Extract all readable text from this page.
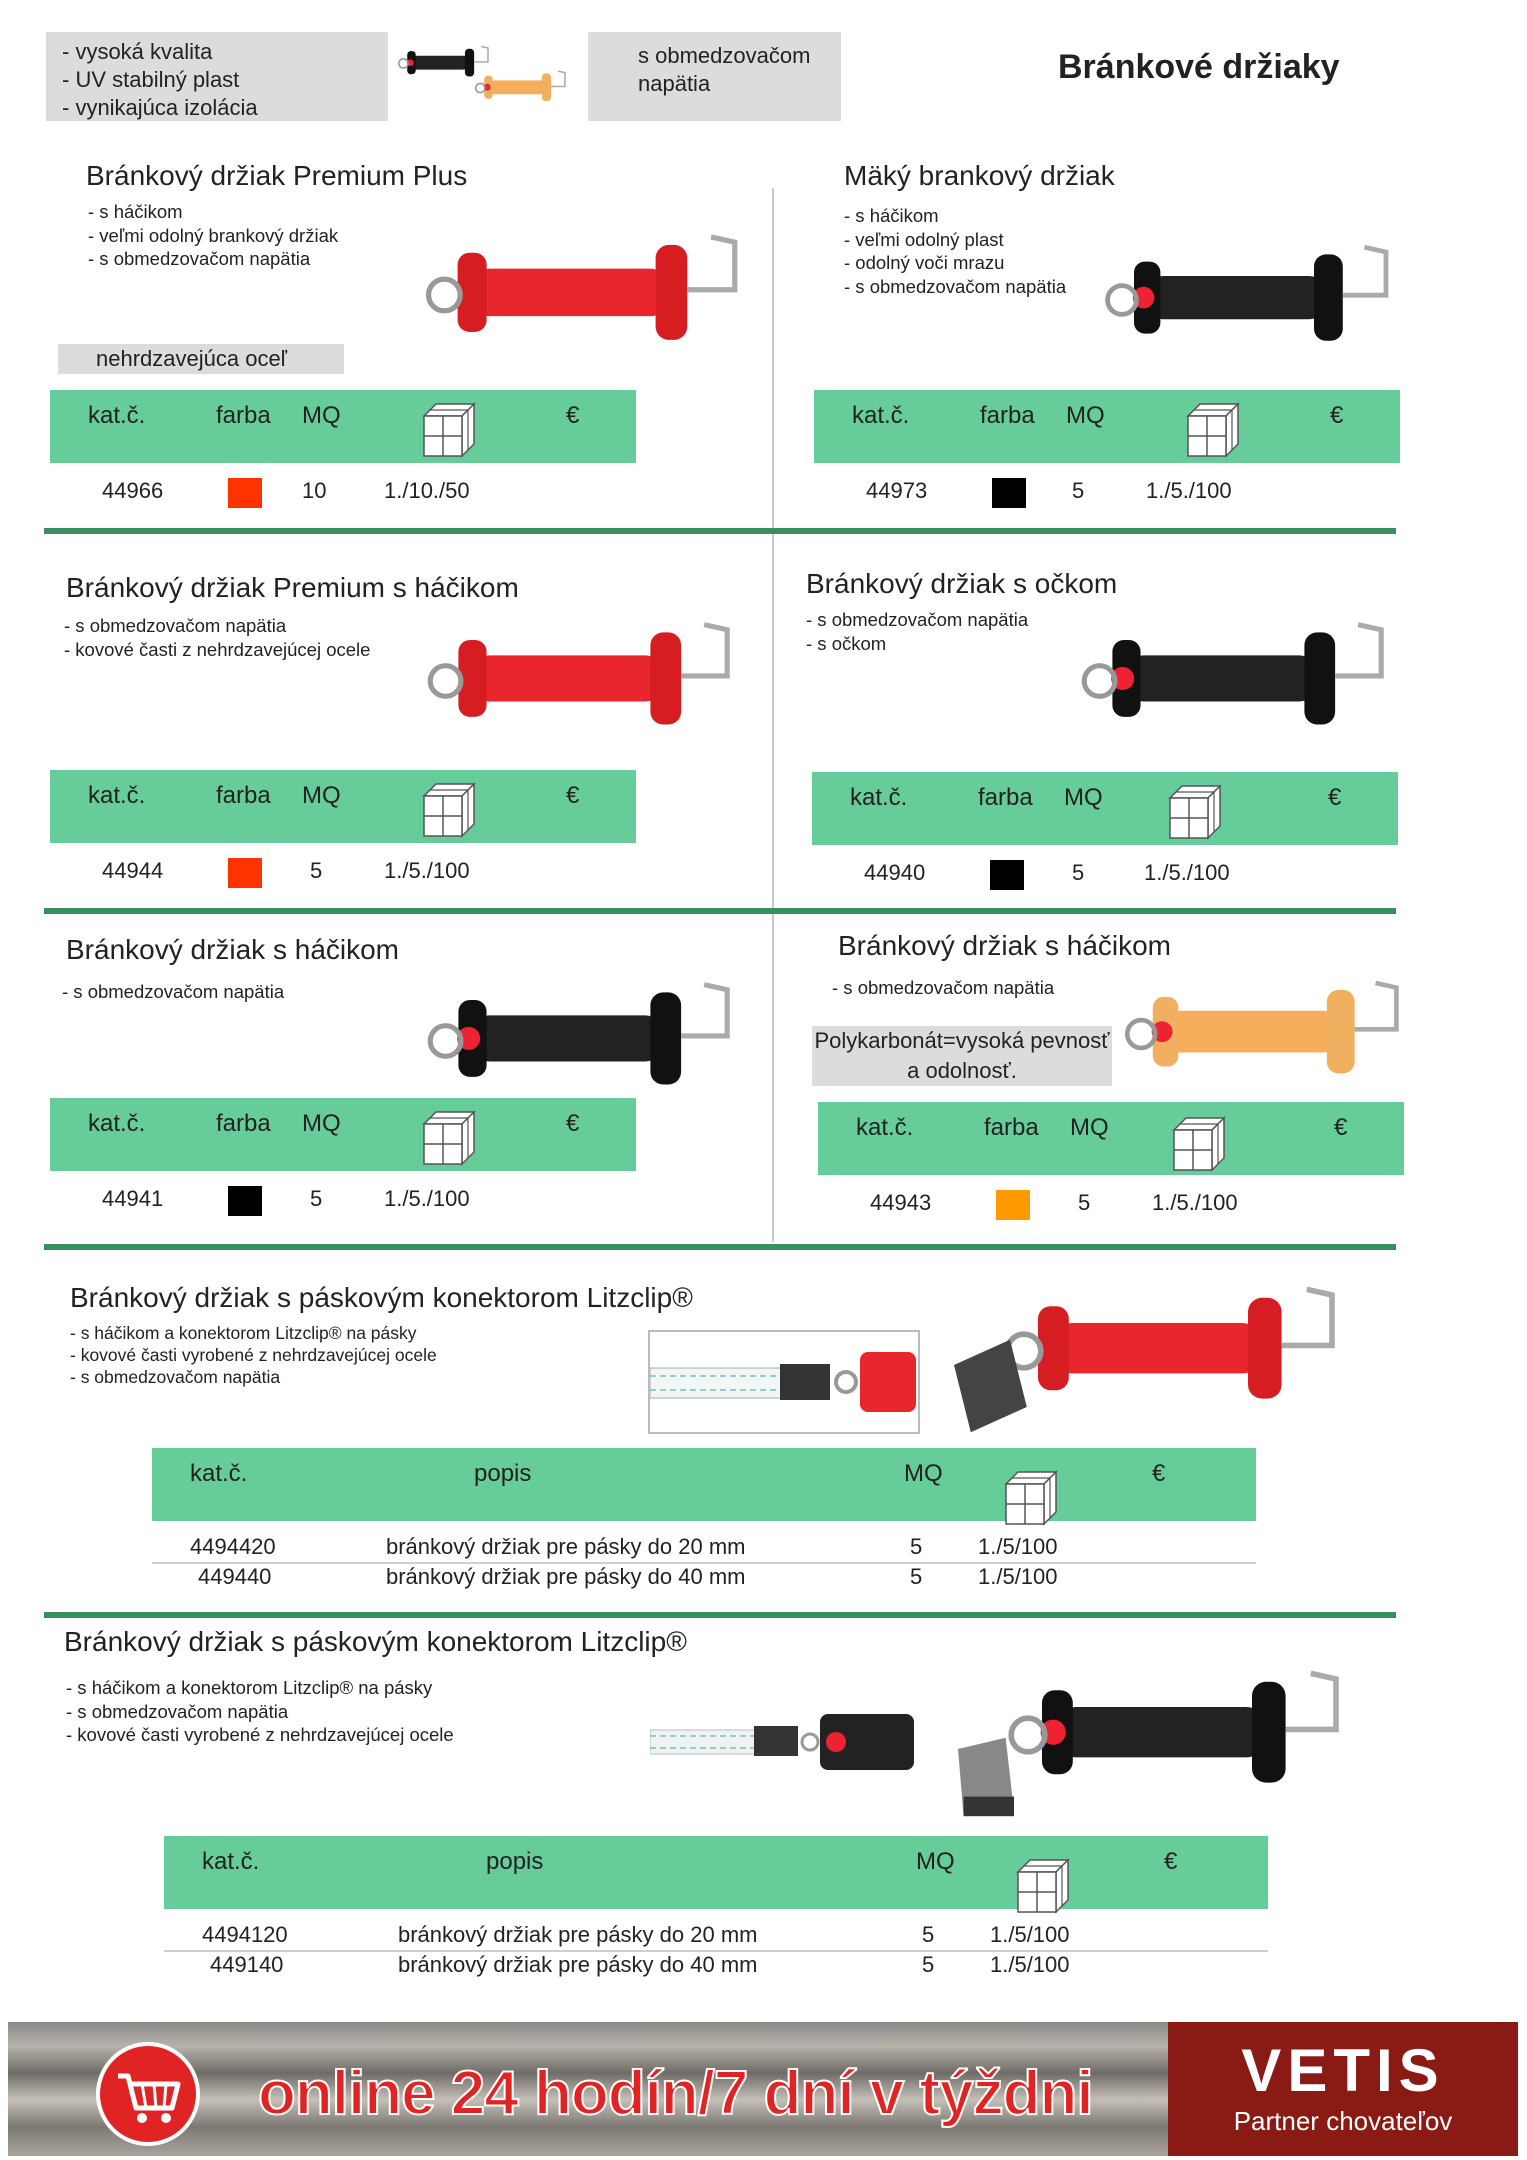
- vysoká kvalita
- UV stabilný plast
- vynikajúca izolácia
s obmedzovačom napätia	Bránkové držiaky
Bránkový držiak Premium Plus
- s háčikom
- veľmi odolný brankový držiak
- s obmedzovačom napätia
nehrdzavejúca oceľ
kat.č.	farba MQ	€
44966	10	1./10./50
Mäký brankový držiak
- s háčikom
- veľmi odolný plast
- odolný voči mrazu
- s obmedzovačom napätia
kat.č.	farba MQ	€
44973	5	1./5./100
Bránkový držiak Premium s háčikom
- s obmedzovačom napätia
- kovové časti z nehrdzavejúcej ocele
kat.č.	farba MQ	€
44944	5	1./5./100
Bránkový držiak s očkom
- s obmedzovačom napätia
- s očkom
kat.č.	farba MQ	€
44940	5	1./5./100
Bránkový držiak s háčikom
- s obmedzovačom napätia
kat.č.	farba MQ	€
44941	5	1./5./100
Bránkový držiak s háčikom
- s obmedzovačom napätia
Polykarbonát=vysoká pevnosť a odolnosť.
kat.č.	farba MQ	€
44943	5	1./5./100
Bránkový držiak s páskovým konektorom Litzclip®
- s háčikom a konektorom Litzclip® na pásky
- kovové časti vyrobené z nehrdzavejúcej ocele
- s obmedzovačom napätia
kat.č.	popis	MQ	€
4494420	bránkový držiak pre pásky do 20 mm	5	1./5/100
449440	bránkový držiak pre pásky do 40 mm	5	1./5/100
Bránkový držiak s páskovým konektorom Litzclip®
- s háčikom a konektorom Litzclip® na pásky
- s obmedzovačom napätia
- kovové časti vyrobené z nehrdzavejúcej ocele
kat.č.	popis	MQ	€
4494120	bránkový držiak pre pásky do 20 mm	5	1./5/100
449140	bránkový držiak pre pásky do 40 mm	5	1./5/100
online 24 hodín/7 dní v týždni	VETIS
Partner chovateľov
